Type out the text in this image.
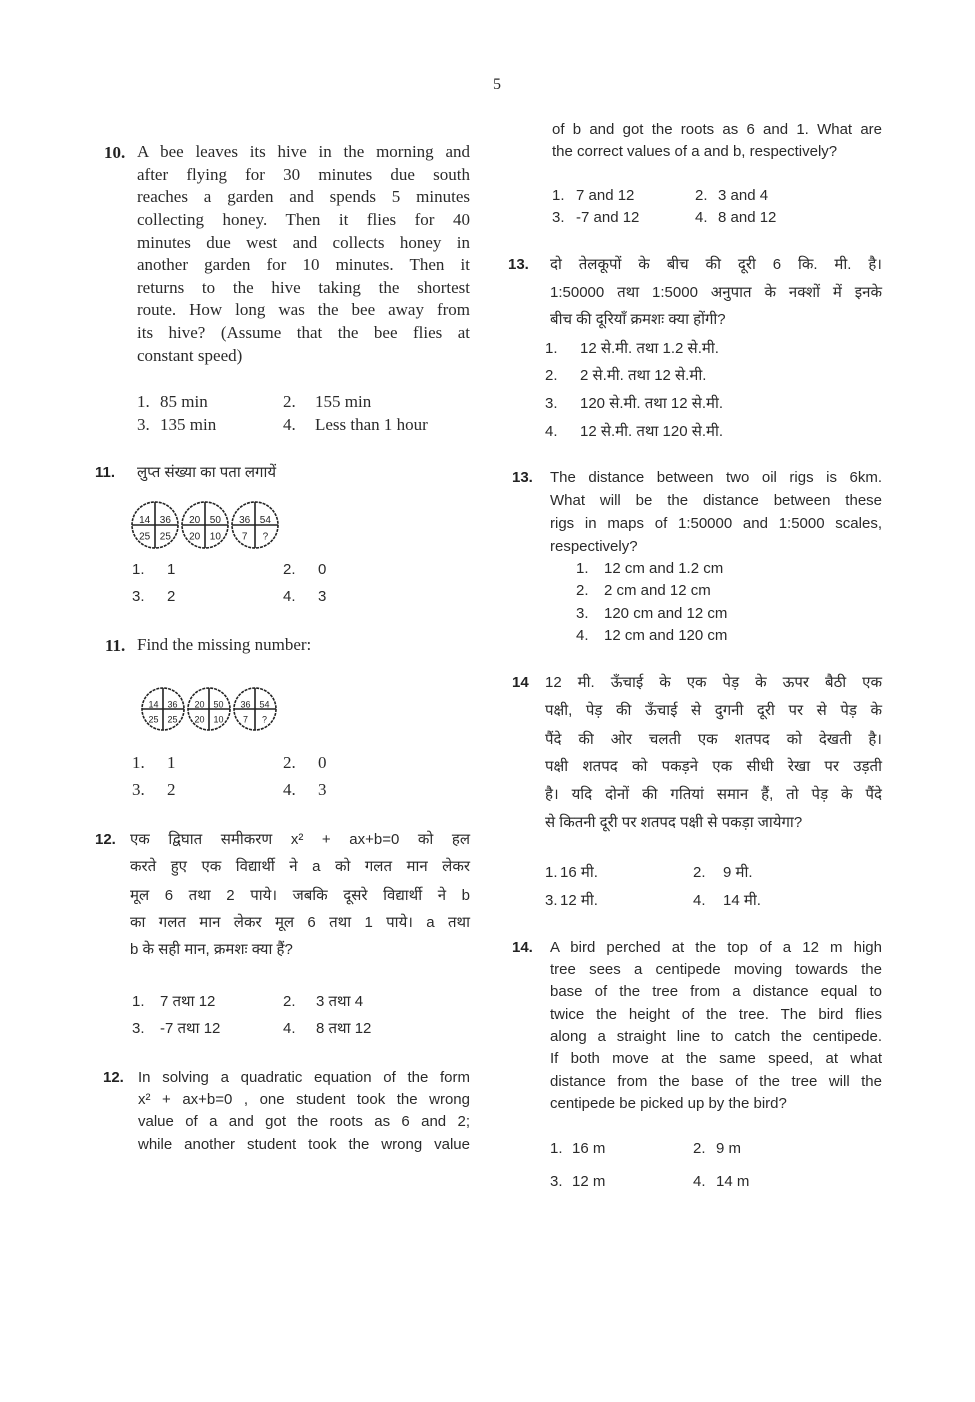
5
10. A bee leaves its hive in the morning and
after flying for 30 minutes due south
reaches a garden and spends 5 minutes
collecting honey. Then it flies for 40
minutes due west and collects honey in
another garden for 10 minutes. Then it
returns to the hive taking the shortest
route. How long was the bee away from
its hive? (Assume that the bee flies at
constant speed)
1. 85 min	2. 155 min
3. 135 min	4. Less than 1 hour
11. लुप्त संख्या का पता लगायें
1. 1	2. 0
3. 2	4. 3
14 36
25 25
20 50
20 10
36 54
7 ?
11. Find the missing number:
1. 1	2. 0
3. 2	4. 3
14 36
25 25
20 50
20 10
36 54
7 ?
12. एक द्विघात समीकरण x² + ax+b=0 को हल
करते हुए एक विद्यार्थी ने a को गलत मान लेकर
मूल 6 तथा 2 पाये। जबकि दूसरे विद्यार्थी ने b
का गलत मान लेकर मूल 6 तथा 1 पाये। a तथा
b के सही मान, क्रमशः क्या हैं?
1. 7 तथा 12	2. 3 तथा 4
3. -7 तथा 12	4. 8 तथा 12
12. In solving a quadratic equation of the form
x² + ax+b=0 , one student took the wrong
value of a and got the roots as 6 and 2;
while another student took the wrong value
of b and got the roots as 6 and 1. What are
the correct values of a and b, respectively?
1. 7 and 12	2. 3 and 4
3. -7 and 12	4. 8 and 12
13. दो तेलकूपों के बीच की दूरी 6 कि. मी. है।
1:50000 तथा 1:5000 अनुपात के नक्शों में इनके
बीच की दूरियाँ क्रमशः क्या होंगी?
1. 12 से.मी. तथा 1.2 से.मी.
2. 2 से.मी. तथा 12 से.मी.
3. 120 से.मी. तथा 12 से.मी.
4. 12 से.मी. तथा 120 से.मी.
13. The distance between two oil rigs is 6km.
What will be the distance between these
rigs in maps of 1:50000 and 1:5000 scales,
respectively?
1. 12 cm and 1.2 cm
2. 2 cm and 12 cm
3. 120 cm and 12 cm
4. 12 cm and 120 cm
14 12 मी. ऊँचाई के एक पेड़ के ऊपर बैठी एक
पक्षी, पेड़ की ऊँचाई से दुगनी दूरी पर से पेड़ के
पैंदे की ओर चलती एक शतपद को देखती है।
पक्षी शतपद को पकड़ने एक सीधी रेखा पर उड़ती
है। यदि दोनों की गतियां समान हैं, तो पेड़ के पैंदे
से कितनी दूरी पर शतपद पक्षी से पकड़ा जायेगा?
1. 16 मी.	2. 9 मी.
3. 12 मी.	4. 14 मी.
14. A bird perched at the top of a 12 m high
tree sees a centipede moving towards the
base of the tree from a distance equal to
twice the height of the tree. The bird flies
along a straight line to catch the centipede.
If both move at the same speed, at what
distance from the base of the tree will the
centipede be picked up by the bird?
1. 16 m	2. 9 m
3. 12 m	4. 14 m
